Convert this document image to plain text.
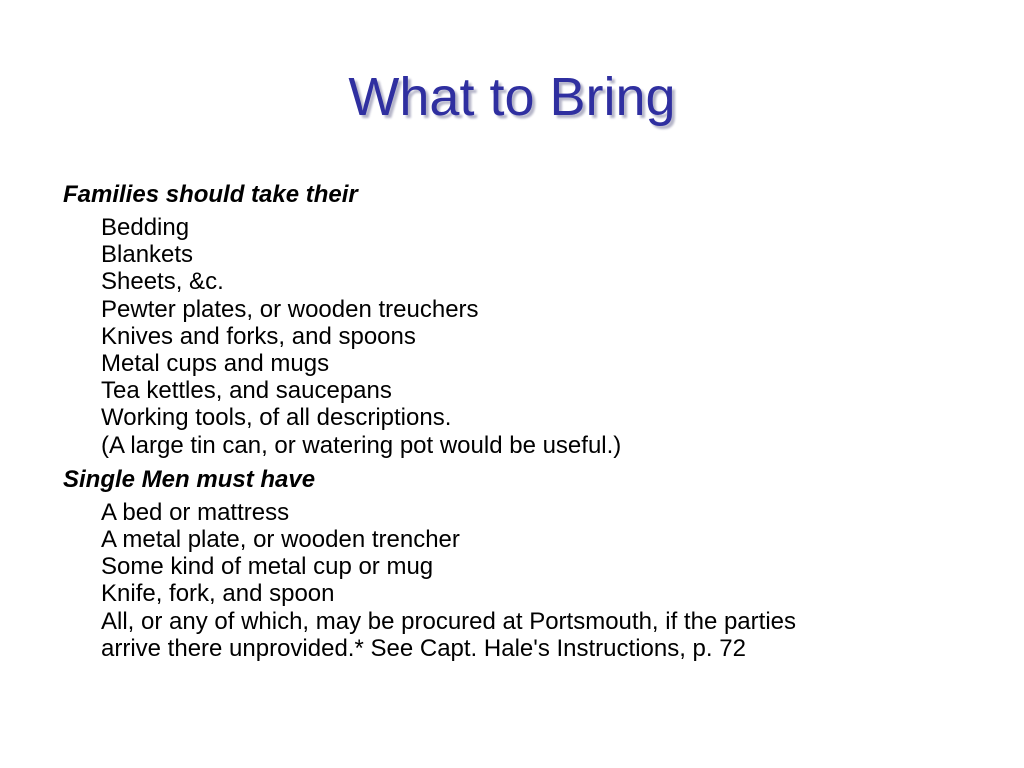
What to Bring

Families should take their

Bedding
Blankets
Sheets, &c.
Pewter plates, or wooden treuchers
Knives and forks, and spoons
Metal cups and mugs
Tea kettles, and saucepans
Working tools, of all descriptions.
(A large tin can, or watering pot would be useful.)

Single Men must have

A bed or mattress
A metal plate, or wooden trencher
Some kind of metal cup or mug
Knife, fork, and spoon
All, or any of which, may be procured at Portsmouth, if the parties
arrive there unprovided.* See Capt. Hale's Instructions, p. 72
